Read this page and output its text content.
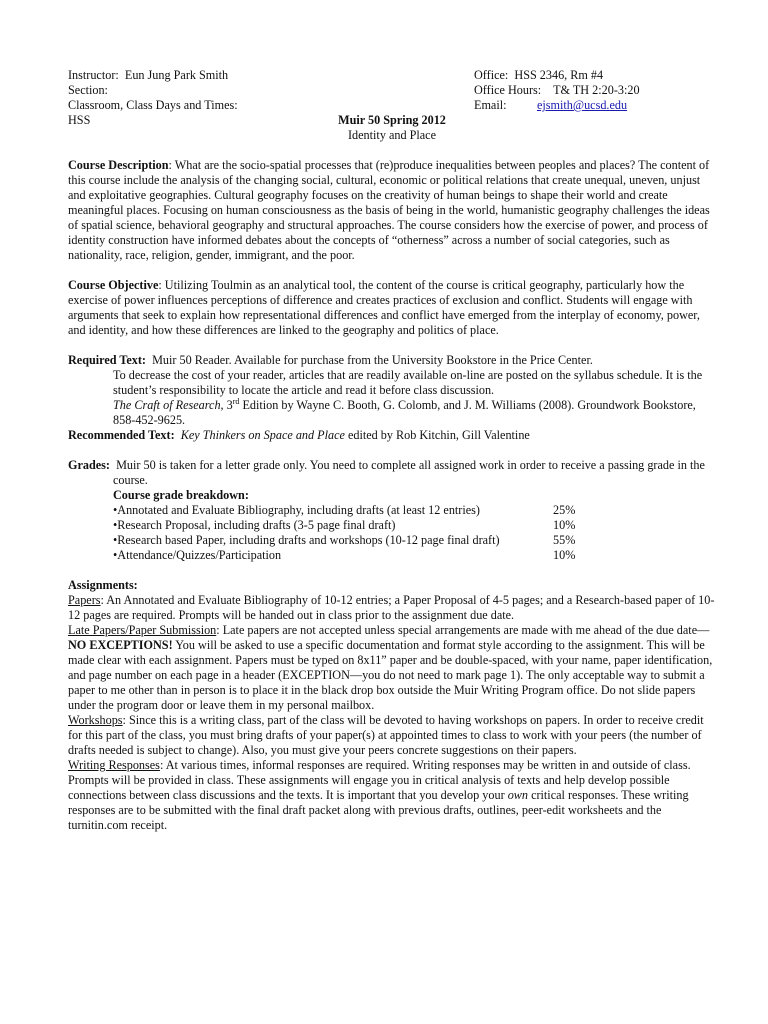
Instructor: Eun Jung Park Smith
Section:
Classroom, Class Days and Times:
HSS
Office: HSS 2346, Rm #4
Office Hours: T& TH 2:20-3:20
Email: ejsmith@ucsd.edu
Muir 50 Spring 2012
Identity and Place

Course Description: What are the socio-spatial processes that (re)produce inequalities between peoples and places? The content of this course include the analysis of the changing social, cultural, economic or political relations that create unequal, uneven, unjust and exploitative geographies. Cultural geography focuses on the creativity of human beings to shape their world and create meaningful places. Focusing on human consciousness as the basis of being in the world, humanistic geography challenges the ideas of spatial science, behavioral geography and structural approaches. The course considers how the exercise of power, and process of identity construction have informed debates about the concepts of “otherness” across a number of social categories, such as nationality, race, religion, gender, immigrant, and the poor.

Course Objective: Utilizing Toulmin as an analytical tool, the content of the course is critical geography, particularly how the exercise of power influences perceptions of difference and creates practices of exclusion and conflict. Students will engage with arguments that seek to explain how representational differences and conflict have emerged from the interplay of economy, power, and identity, and how these differences are linked to the geography and politics of place.

Required Text: Muir 50 Reader. Available for purchase from the University Bookstore in the Price Center.

To decrease the cost of your reader, articles that are readily available on-line are posted on the syllabus schedule. It is the student’s responsibility to locate the article and read it before class discussion.

The Craft of Research, 3rd Edition by Wayne C. Booth, G. Colomb, and J. M. Williams (2008). Groundwork Bookstore, 858-452-9625.

Recommended Text: Key Thinkers on Space and Place edited by Rob Kitchin, Gill Valentine

Grades: Muir 50 is taken for a letter grade only. You need to complete all assigned work in order to receive a passing grade in the course.

Course grade breakdown:
•Annotated and Evaluate Bibliography, including drafts (at least 12 entries)	25%
•Research Proposal, including drafts (3-5 page final draft)	10%
•Research based Paper, including drafts and workshops (10-12 page final draft)	55%
•Attendance/Quizzes/Participation	10%

Assignments:

Papers: An Annotated and Evaluate Bibliography of 10-12 entries; a Paper Proposal of 4-5 pages; and a Research-based paper of 10-12 pages are required. Prompts will be handed out in class prior to the assignment due date.

Late Papers/Paper Submission: Late papers are not accepted unless special arrangements are made with me ahead of the due date—NO EXCEPTIONS! You will be asked to use a specific documentation and format style according to the assignment. This will be made clear with each assignment. Papers must be typed on 8x11” paper and be double-spaced, with your name, paper identification, and page number on each page in a header (EXCEPTION—you do not need to mark page 1). The only acceptable way to submit a paper to me other than in person is to place it in the black drop box outside the Muir Writing Program office. Do not slide papers under the program door or leave them in my personal mailbox.

Workshops: Since this is a writing class, part of the class will be devoted to having workshops on papers. In order to receive credit for this part of the class, you must bring drafts of your paper(s) at appointed times to class to work with your peers (the number of drafts needed is subject to change). Also, you must give your peers concrete suggestions on their papers.

Writing Responses: At various times, informal responses are required. Writing responses may be written in and outside of class. Prompts will be provided in class. These assignments will engage you in critical analysis of texts and help develop possible connections between class discussions and the texts. It is important that you develop your own critical responses. These writing responses are to be submitted with the final draft packet along with previous drafts, outlines, peer-edit worksheets and the turnitin.com receipt.
